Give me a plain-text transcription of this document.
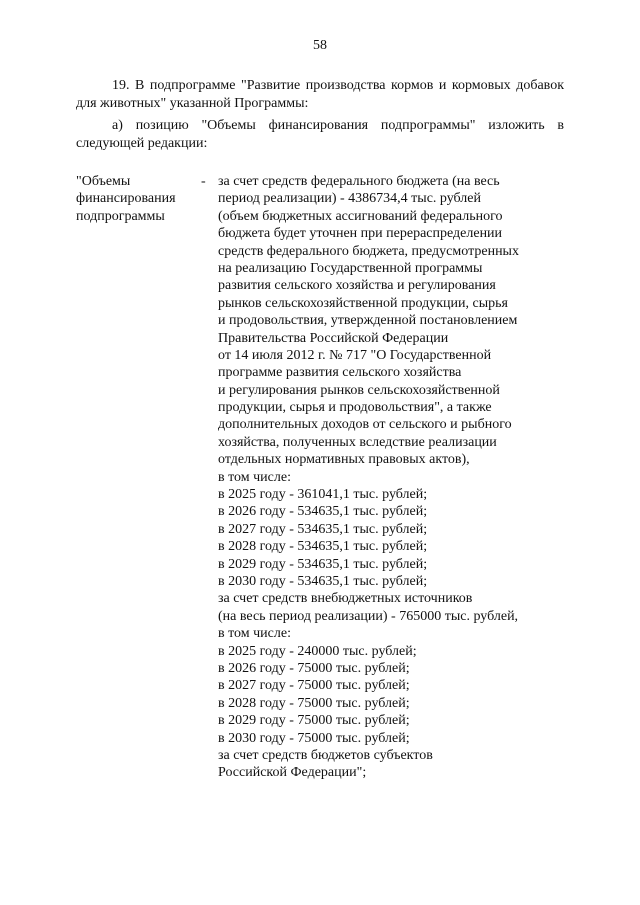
58
19. В подпрограмме "Развитие производства кормов и кормовых добавок для животных" указанной Программы:
а) позицию "Объемы финансирования подпрограммы" изложить в следующей редакции:
"Объемы
финансирования
подпрограммы
- за счет средств федерального бюджета (на весь
период реализации) - 4386734,4 тыс. рублей
(объем бюджетных ассигнований федерального
бюджета будет уточнен при перераспределении
средств федерального бюджета, предусмотренных
на реализацию Государственной программы
развития сельского хозяйства и регулирования
рынков сельскохозяйственной продукции, сырья
и продовольствия, утвержденной постановлением
Правительства Российской Федерации
от 14 июля 2012 г. № 717 "О Государственной
программе развития сельского хозяйства
и регулирования рынков сельскохозяйственной
продукции, сырья и продовольствия", а также
дополнительных доходов от сельского и рыбного
хозяйства, полученных вследствие реализации
отдельных нормативных правовых актов),
в том числе:
в 2025 году - 361041,1 тыс. рублей;
в 2026 году - 534635,1 тыс. рублей;
в 2027 году - 534635,1 тыс. рублей;
в 2028 году - 534635,1 тыс. рублей;
в 2029 году - 534635,1 тыс. рублей;
в 2030 году - 534635,1 тыс. рублей;
за счет средств внебюджетных источников
(на весь период реализации) - 765000 тыс. рублей,
в том числе:
в 2025 году - 240000 тыс. рублей;
в 2026 году - 75000 тыс. рублей;
в 2027 году - 75000 тыс. рублей;
в 2028 году - 75000 тыс. рублей;
в 2029 году - 75000 тыс. рублей;
в 2030 году - 75000 тыс. рублей;
за счет средств бюджетов субъектов
Российской Федерации";
